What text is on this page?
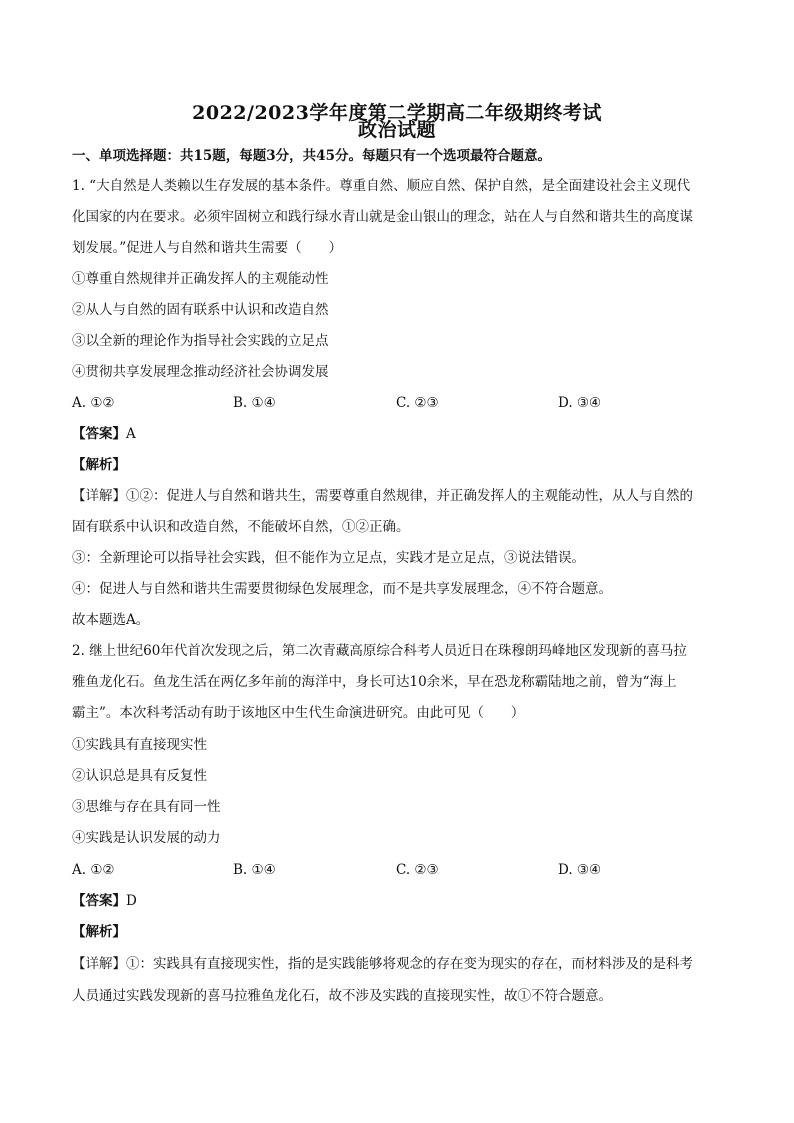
2022/2023学年度第二学期高二年级期终考试
政治试题
一、单项选择题：共15题，每题3分，共45分。每题只有一个选项最符合题意。
1. “大自然是人类赖以生存发展的基本条件。尊重自然、顺应自然、保护自然，是全面建设社会主义现代
化国家的内在要求。必须牢固树立和践行绿水青山就是金山银山的理念，站在人与自然和谐共生的高度谋
划发展。”促进人与自然和谐共生需要（　　）
①尊重自然规律并正确发挥人的主观能动性
②从人与自然的固有联系中认识和改造自然
③以全新的理论作为指导社会实践的立足点
④贯彻共享发展理念推动经济社会协调发展
A. ①②	B. ①④	C. ②③	D. ③④
【答案】A
【解析】
【详解】①②：促进人与自然和谐共生，需要尊重自然规律，并正确发挥人的主观能动性，从人与自然的
固有联系中认识和改造自然，不能破坏自然，①②正确。
③：全新理论可以指导社会实践，但不能作为立足点，实践才是立足点，③说法错误。
④：促进人与自然和谐共生需要贯彻绿色发展理念，而不是共享发展理念，④不符合题意。
故本题选A。
2. 继上世纪60年代首次发现之后，第二次青藏高原综合科考人员近日在珠穆朗玛峰地区发现新的喜马拉
雅鱼龙化石。鱼龙生活在两亿多年前的海洋中，身长可达10余米，早在恐龙称霸陆地之前，曾为“海上
霸主”。本次科考活动有助于该地区中生代生命演进研究。由此可见（　　）
①实践具有直接现实性
②认识总是具有反复性
③思维与存在具有同一性
④实践是认识发展的动力
A. ①②	B. ①④	C. ②③	D. ③④
【答案】D
【解析】
【详解】①：实践具有直接现实性，指的是实践能够将观念的存在变为现实的存在，而材料涉及的是科考
人员通过实践发现新的喜马拉雅鱼龙化石，故不涉及实践的直接现实性，故①不符合题意。
